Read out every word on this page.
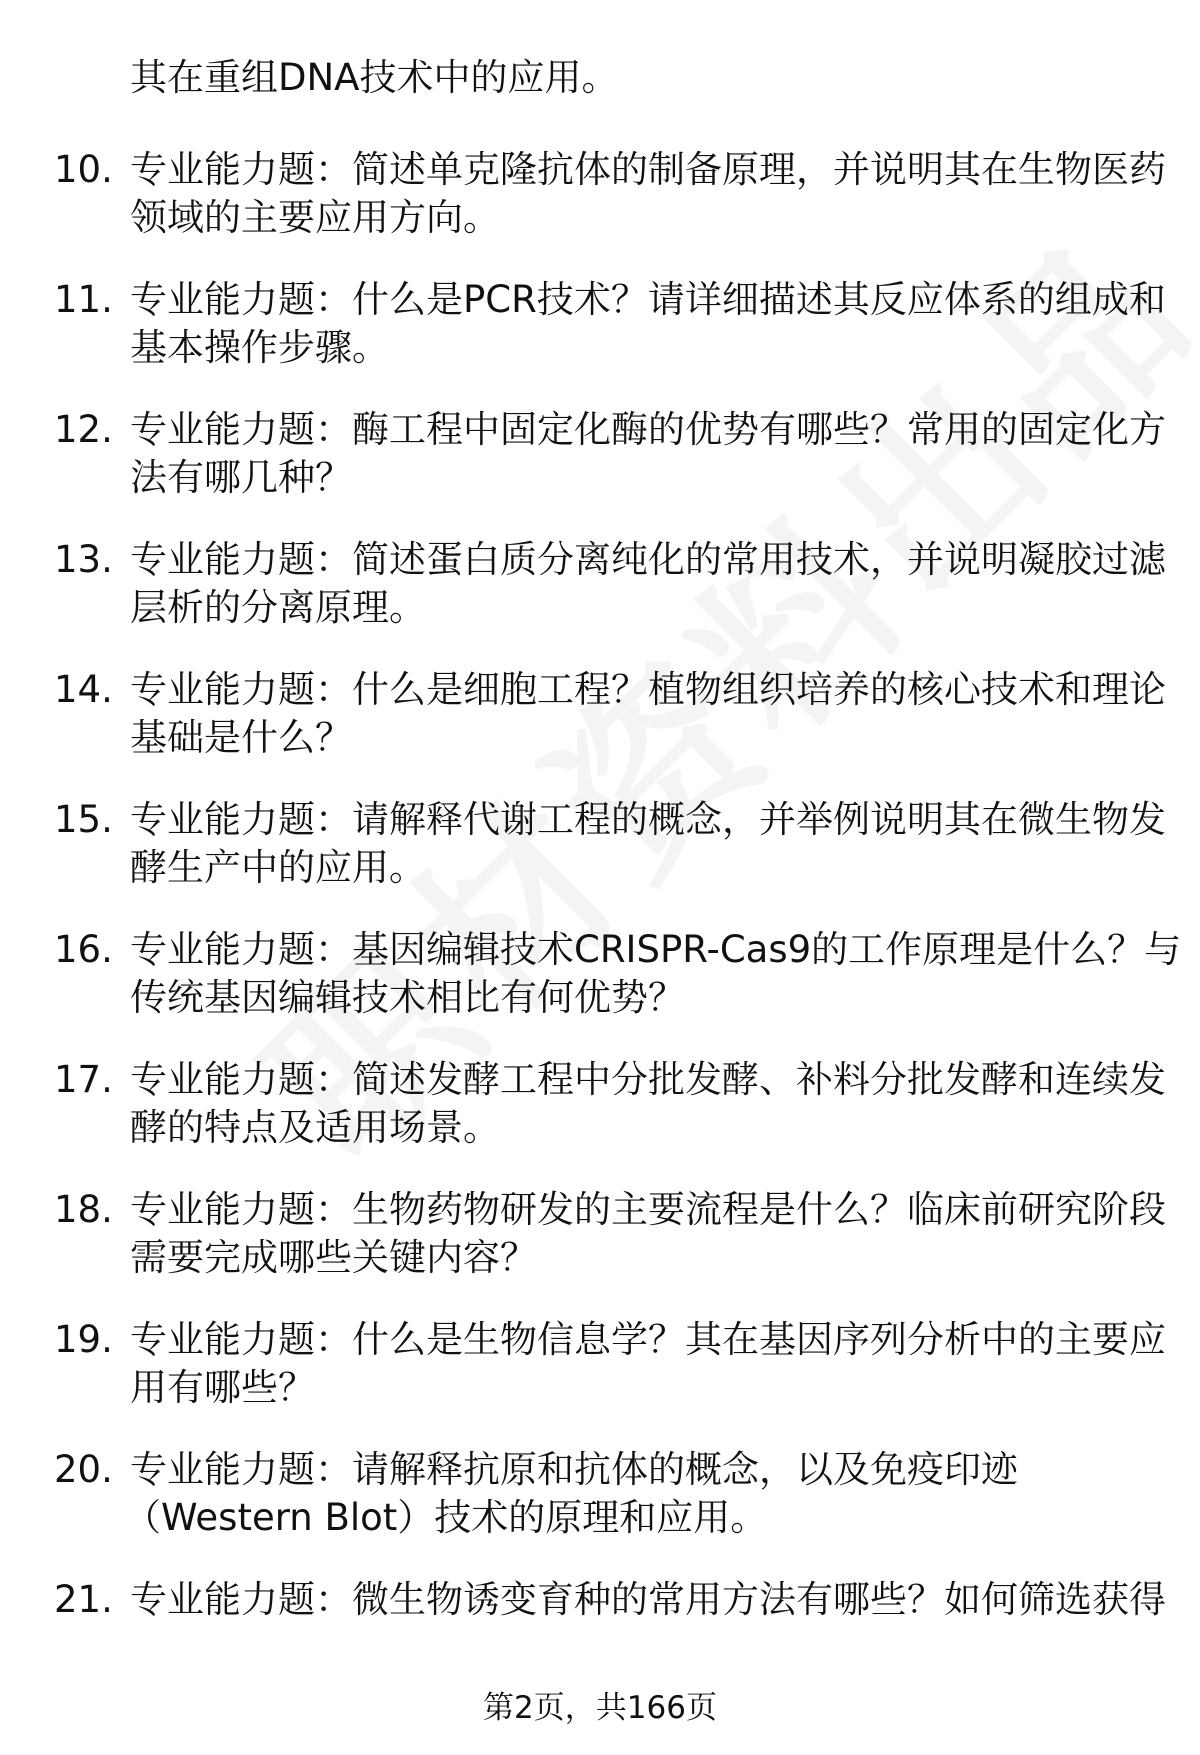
其在重组DNA技术中的应用。
10. 专业能力题：简述单克隆抗体的制备原理，并说明其在生物医药
领域的主要应用方向。
11. 专业能力题：什么是PCR技术？请详细描述其反应体系的组成和
基本操作步骤。
12. 专业能力题：酶工程中固定化酶的优势有哪些？常用的固定化方
法有哪几种？
13. 专业能力题：简述蛋白质分离纯化的常用技术，并说明凝胶过滤
层析的分离原理。
14. 专业能力题：什么是细胞工程？植物组织培养的核心技术和理论
基础是什么？
15. 专业能力题：请解释代谢工程的概念，并举例说明其在微生物发
酵生产中的应用。
16. 专业能力题：基因编辑技术CRISPR-Cas9的工作原理是什么？与
传统基因编辑技术相比有何优势？
17. 专业能力题：简述发酵工程中分批发酵、补料分批发酵和连续发
酵的特点及适用场景。
18. 专业能力题：生物药物研发的主要流程是什么？临床前研究阶段
需要完成哪些关键内容？
19. 专业能力题：什么是生物信息学？其在基因序列分析中的主要应
用有哪些？
20. 专业能力题：请解释抗原和抗体的概念，以及免疫印迹
（Western Blot）技术的原理和应用。
21. 专业能力题：微生物诱变育种的常用方法有哪些？如何筛选获得
第2页，共166页
